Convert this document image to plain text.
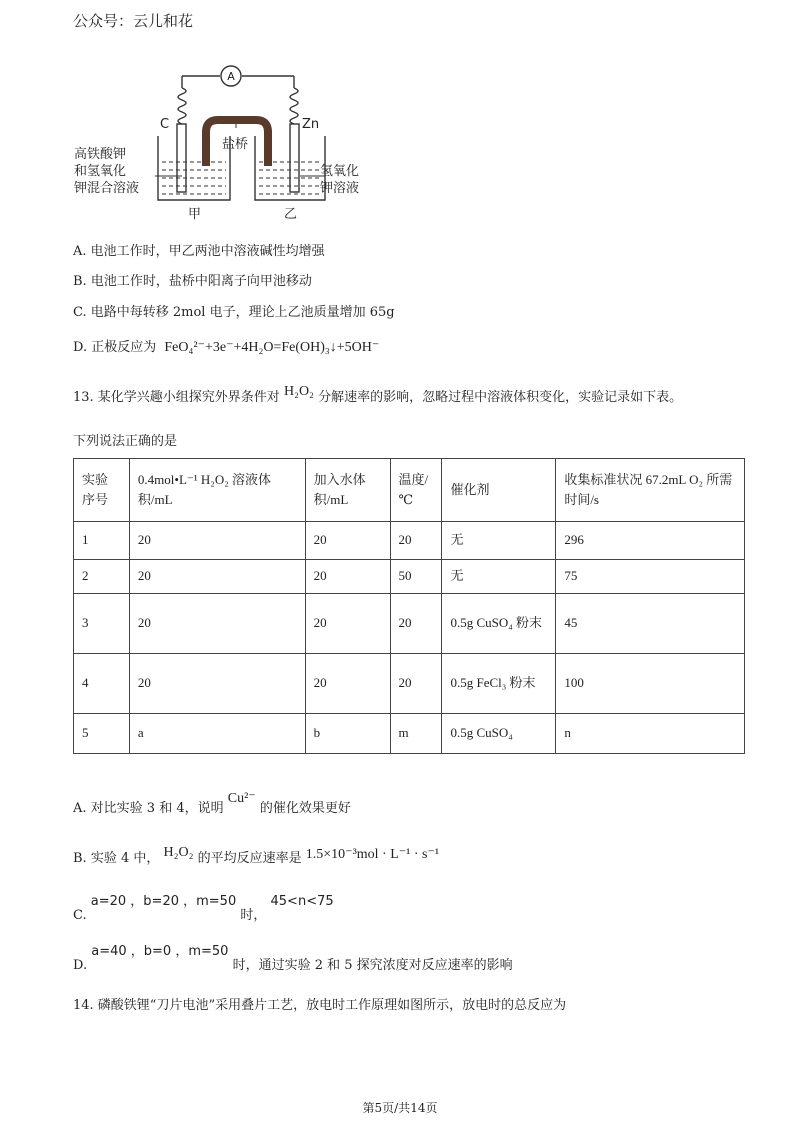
公众号：云儿和花
A
C	Zn
盐桥
高铁酸钾
和氢氧化
钾混合溶液
氢氧化
钾溶液
甲	乙
A. 电池工作时，甲乙两池中溶液碱性均增强
B. 电池工作时，盐桥中阳离子向甲池移动
C. 电路中每转移 2mol 电子，理论上乙池质量增加 65g
D. 正极反应为 FeO₄²⁻+3e⁻+4H₂O=Fe(OH)₃↓+5OH⁻
13. 某化学兴趣小组探究外界条件对 H₂O₂ 分解速率的影响，忽略过程中溶液体积变化，实验记录如下表。
下列说法正确的是
实验序号	0.4mol•L⁻¹ H₂O₂ 溶液体积/mL	加入水体积/mL	温度/℃	催化剂	收集标准状况 67.2mL O₂ 所需时间/s
1	20	20	20	无	296
2	20	20	50	无	75
3	20	20	20	0.5g CuSO₄ 粉末	45
4	20	20	20	0.5g FeCl₃ 粉末	100
5	a	b	m	0.5g CuSO₄	n
A. 对比实验 3 和 4，说明 Cu²⁻ 的催化效果更好
B. 实验 4 中， H₂O₂ 的平均反应速率是 1.5×10⁻³mol · L⁻¹ · s⁻¹
C. a=20 ，b=20 ，m=50 时， 45<n<75
D. a=40 ，b=0 ，m=50 时，通过实验 2 和 5 探究浓度对反应速率的影响
14. 磷酸铁锂“刀片电池”采用叠片工艺，放电时工作原理如图所示，放电时的总反应为
第5页/共14页
